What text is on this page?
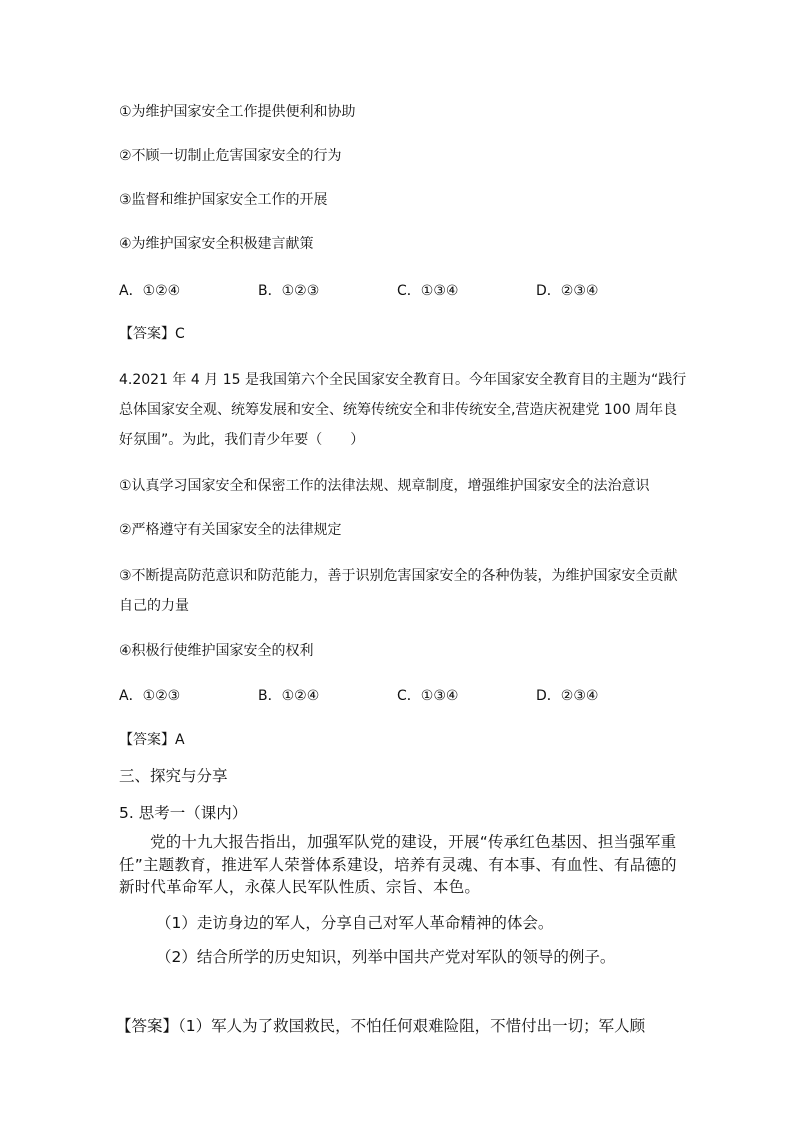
①为维护国家安全工作提供便利和协助
②不顾一切制止危害国家安全的行为
③监督和维护国家安全工作的开展
④为维护国家安全积极建言献策
A．①②④	B．①②③	C．①③④	D．②③④
【答案】C
4.2021 年 4 月 15 是我国第六个全民国家安全教育日。今年国家安全教育目的主题为“践行
总体国家安全观、统筹发展和安全、统筹传统安全和非传统安全,营造庆祝建党 100 周年良
好氛围”。为此，我们青少年要（　　）
①认真学习国家安全和保密工作的法律法规、规章制度，增强维护国家安全的法治意识
②严格遵守有关国家安全的法律规定
③不断提高防范意识和防范能力，善于识别危害国家安全的各种伪装，为维护国家安全贡献
自己的力量
④积极行使维护国家安全的权利
A．①②③	B．①②④	C．①③④	D．②③④
【答案】A
三、探究与分享
5. 思考一（课内）
党的十九大报告指出，加强军队党的建设，开展“传承红色基因、担当强军重任”主题教育，推进军人荣誉体系建设，培养有灵魂、有本事、有血性、有品德的新时代革命军人，永葆人民军队性质、宗旨、本色。
（1）走访身边的军人，分享自己对军人革命精神的体会。
（2）结合所学的历史知识，列举中国共产党对军队的领导的例子。
【答案】（1）军人为了救国救民，不怕任何艰难险阻，不惜付出一切；军人顾
